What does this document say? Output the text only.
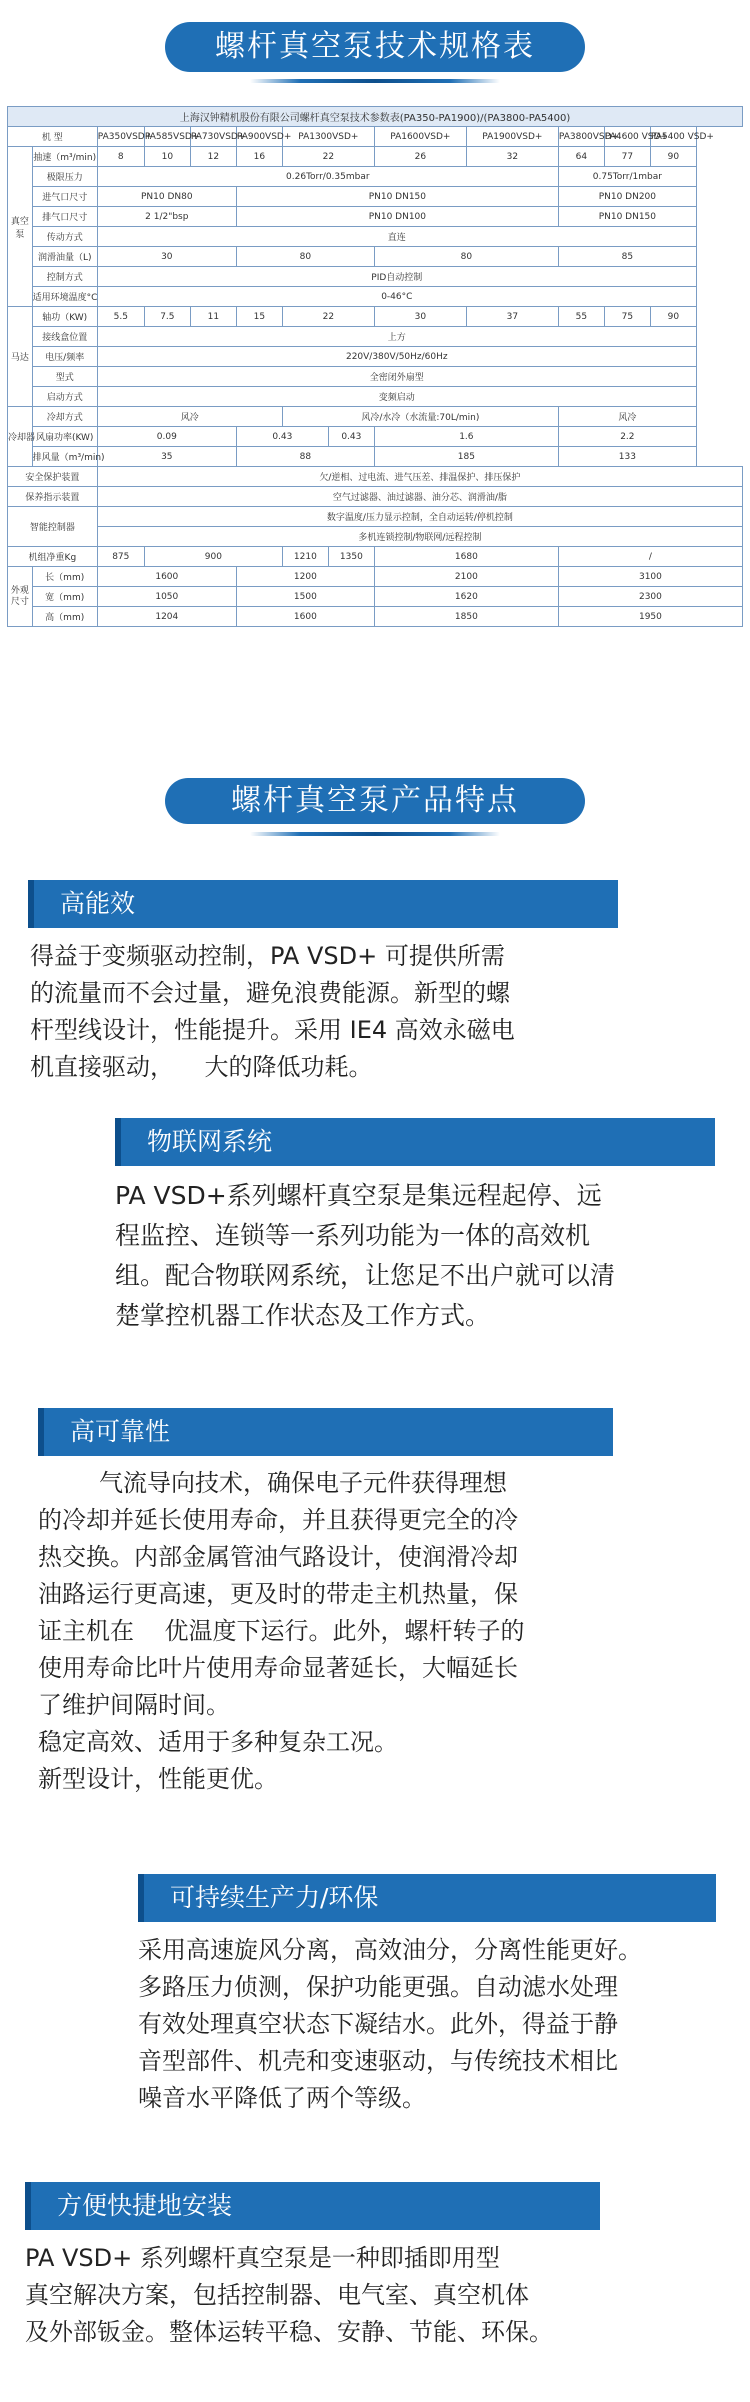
螺杆真空泵技术规格表
上海汉钟精机股份有限公司螺杆真空泵技术参数表(PA350-PA1900)/(PA3800-PA5400)												
机 型		PA350VSD+	PA585VSD+	PA730VSD+	PA900VSD+	PA1300VSD+		PA1600VSD+	PA1900VSD+	PA3800VSD+	PA4600 VSD+	PA5400 VSD+
真空泵	抽速（m³/min)	8	10	12	16	22		26	32	64	77	90
	极限压力	0.26Torr/0.35mbar								0.75Torr/1mbar		
	进气口尺寸	PN10 DN80			PN10 DN150					PN10 DN200		
	排气口尺寸	2 1/2"bsp			PN10 DN100					PN10 DN150		
	传动方式	直连										
	润滑油量（L)	30			80			80		85		
	控制方式	PID自动控制										
	适用环境温度°C	0-46°C										
马达	轴功（KW)	5.5	7.5	11	15	22		30	37	55	75	90
	接线盒位置	上方										
	电压/频率	220V/380V/50Hz/60Hz										
	型式	全密闭外扇型										
	启动方式	变频启动										
冷却器	冷却方式	风冷				风冷/水冷（水流量:70L/min)				风冷		
	风扇功率(KW)	0.09			0.43		0.43	1.6		2.2		
	排风量（m³/min)	35			88			185		133		
安全保护装置		欠/逆相、过电流、进气压差、排温保护、排压保护										
保养指示装置		空气过滤器、油过滤器、油分芯、润滑油/脂										
智能控制器		数字温度/压力显示控制，全自动运转/停机控制										
		多机连锁控制/物联网/远程控制										
机组净重Kg		875	900			1210	1350	1680		/		
外观尺寸	长（mm)	1600			1200			2100		3100		
	宽（mm)	1050			1500			1620		2300		
	高（mm)	1204			1600			1850		1950		
螺杆真空泵产品特点
高能效
得益于变频驱动控制，PA VSD+ 可提供所需
的流量而不会过量，避免浪费能源。新型的螺
杆型线设计，性能提升。采用 IE4 高效永磁电
机直接驱动，    大的降低功耗。
物联网系统
PA VSD+系列螺杆真空泵是集远程起停、远
程监控、连锁等一系列功能为一体的高效机
组。配合物联网系统，让您足不出户就可以清
楚掌控机器工作状态及工作方式。
高可靠性
气流导向技术，确保电子元件获得理想
的冷却并延长使用寿命，并且获得更完全的冷
热交换。内部金属管油气路设计，使润滑冷却
油路运行更高速，更及时的带走主机热量，保
证主机在    优温度下运行。此外，螺杆转子的
使用寿命比叶片使用寿命显著延长，大幅延长
了维护间隔时间。
稳定高效、适用于多种复杂工况。
新型设计，性能更优。
可持续生产力/环保
采用高速旋风分离，高效油分，分离性能更好。
多路压力侦测，保护功能更强。自动滤水处理
有效处理真空状态下凝结水。此外，得益于静
音型部件、机壳和变速驱动，与传统技术相比
噪音水平降低了两个等级。
方便快捷地安装
PA VSD+ 系列螺杆真空泵是一种即插即用型
真空解决方案，包括控制器、电气室、真空机体
及外部钣金。整体运转平稳、安静、节能、环保。
